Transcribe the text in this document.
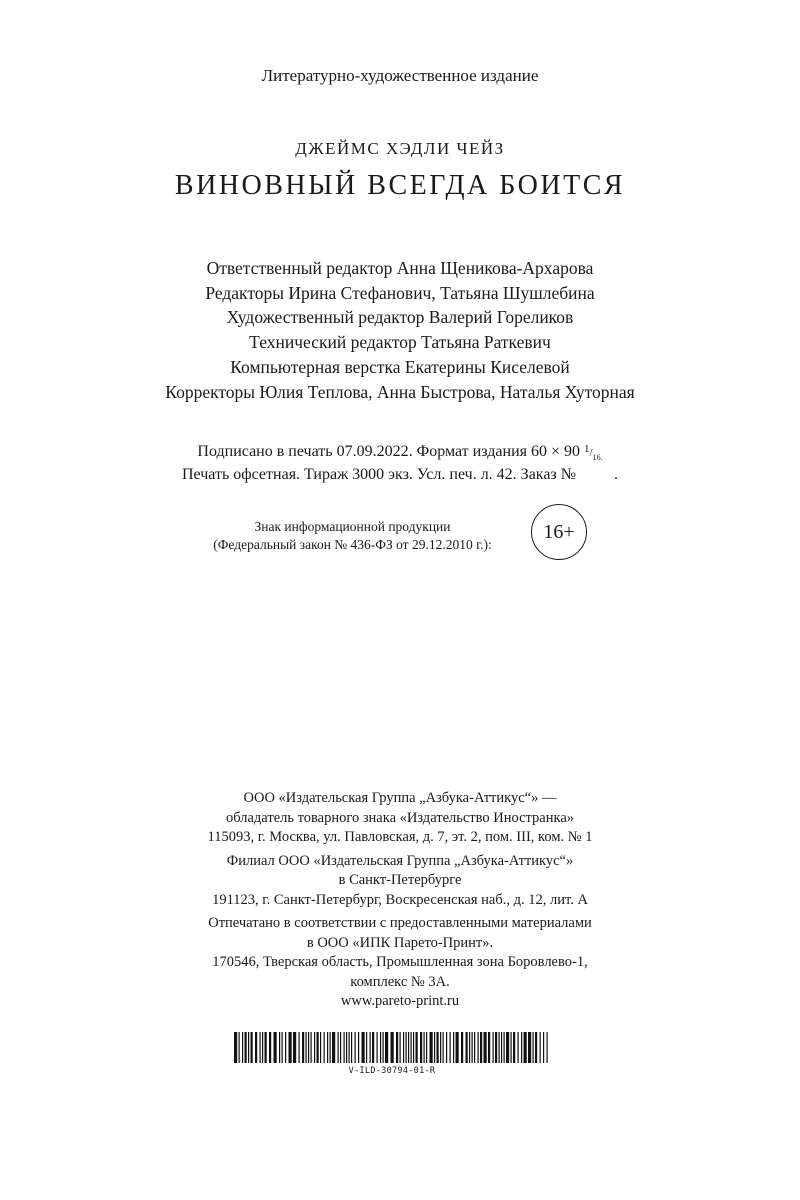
Литературно-художественное издание
ДЖЕЙМС ХЭДЛИ ЧЕЙЗ
ВИНОВНЫЙ ВСЕГДА БОИТСЯ
Ответственный редактор Анна Щеникова-Архарова
Редакторы Ирина Стефанович, Татьяна Шушлебина
Художественный редактор Валерий Гореликов
Технический редактор Татьяна Раткевич
Компьютерная верстка Екатерины Киселевой
Корректоры Юлия Теплова, Анна Быстрова, Наталья Хуторная
Подписано в печать 07.09.2022. Формат издания 60 × 90 $1/_{16.}$
Печать офсетная. Тираж 3000 экз. Усл. печ. л. 42. Заказ № .
Знак информационной продукции
(Федеральный закон № 436-ФЗ от 29.12.2010 г.):
16+
ООО «Издательская Группа „Азбука-Аттикус“» —
обладатель товарного знака «Издательство Иностранка»
115093, г. Москва, ул. Павловская, д. 7, эт. 2, пом. III, ком. № 1
Филиал ООО «Издательская Группа „Азбука-Аттикус“»
в Санкт-Петербурге
191123, г. Санкт-Петербург, Воскресенская наб., д. 12, лит. А
Отпечатано в соответствии с предоставленными материалами
в ООО «ИПК Парето-Принт».
170546, Тверская область, Промышленная зона Боровлево-1,
комплекс № 3А.
www.pareto-print.ru
V-ILD-30794-01-R
